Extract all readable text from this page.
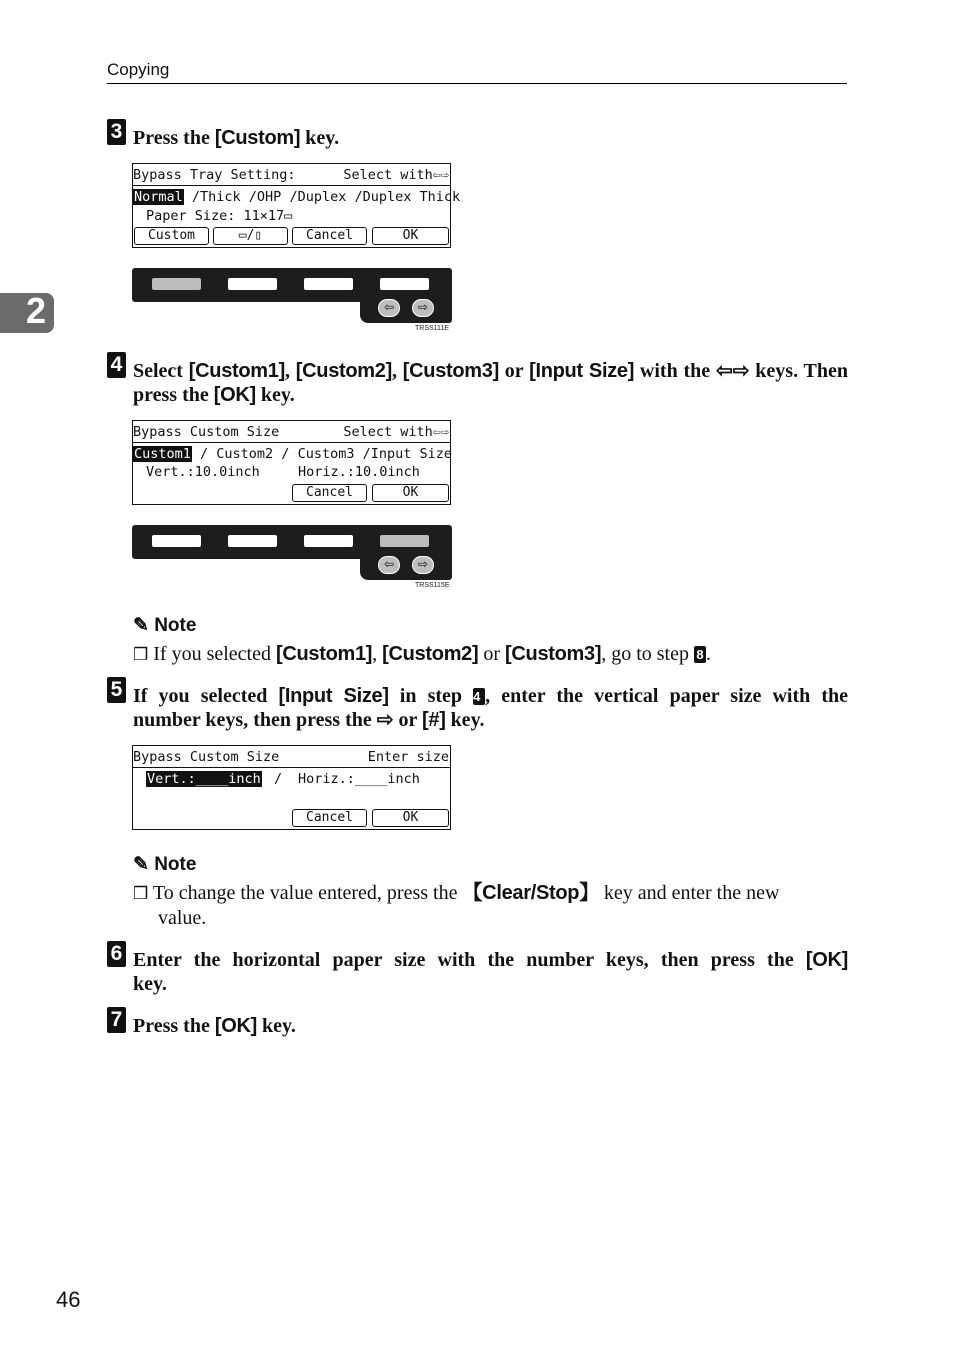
Copying
2
3 Press the [Custom] key.
Bypass Tray Setting:	Select with⇦⇨
Normal /Thick /OHP /Duplex /Duplex Thick
Paper Size: 11×17▭
Custom	▭/▯	Cancel	OK
⇦	⇨
TRSS111E
4 Select [Custom1], [Custom2], [Custom3] or [Input Size] with the ⇦⇨ keys. Then
press the [OK] key.
Bypass Custom Size	Select with⇦⇨
Custom1 / Custom2 / Custom3 /Input Size
Vert.:10.0inch	Horiz.:10.0inch
Cancel	OK
⇦	⇨
TRSS115E
✎ Note
❒ If you selected [Custom1], [Custom2] or [Custom3], go to step 8 .
5 If you selected [Input Size] in step 4 , enter the vertical paper size with the
number keys, then press the ⇨ or [#] key.
Bypass Custom Size	Enter size
Vert.:____inch / Horiz.:____inch
Cancel	OK
✎ Note
❒ To change the value entered, press the 【Clear/Stop】 key and enter the new
value.
6 Enter the horizontal paper size with the number keys, then press the [OK]
key.
7 Press the [OK] key.
46
